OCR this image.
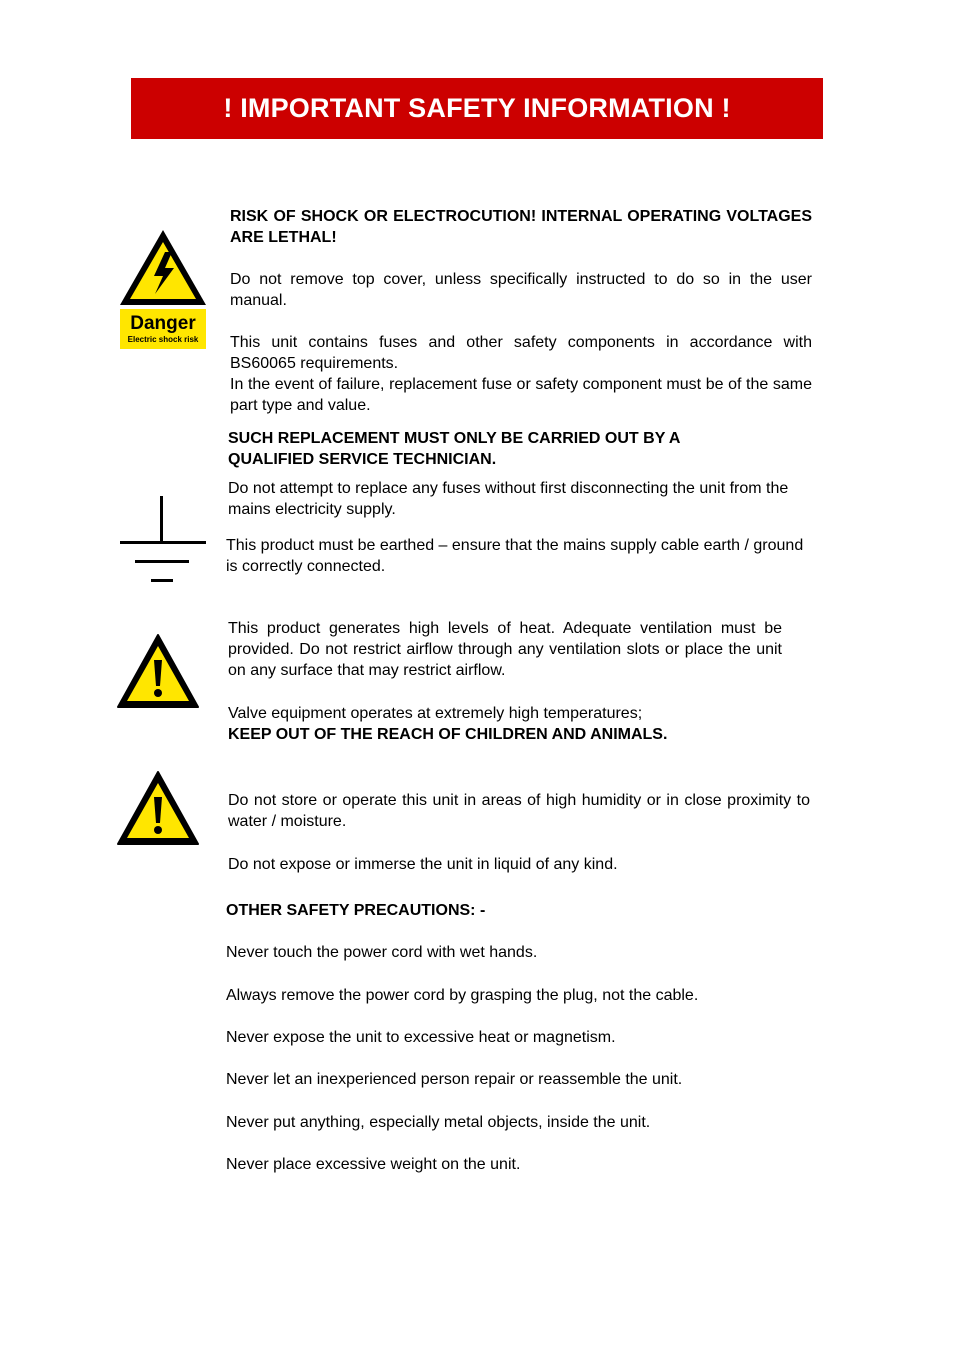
! IMPORTANT SAFETY INFORMATION !
Danger
Electric shock risk

RISK OF SHOCK OR ELECTROCUTION! INTERNAL OPERATING VOLTAGES ARE LETHAL!

Do not remove top cover, unless specifically instructed to do so in the user manual.

This unit contains fuses and other safety components in accordance with BS60065 requirements.

In the event of failure, replacement fuse or safety component must be of the same part type and value.

SUCH REPLACEMENT MUST ONLY BE CARRIED OUT BY A QUALIFIED SERVICE TECHNICIAN.

Do not attempt to replace any fuses without first disconnecting the unit from the mains electricity supply.

This product must be earthed – ensure that the mains supply cable earth / ground is correctly connected.

This product generates high levels of heat. Adequate ventilation must be provided. Do not restrict airflow through any ventilation slots or place the unit on any surface that may restrict airflow.

Valve equipment operates at extremely high temperatures;

KEEP OUT OF THE REACH OF CHILDREN AND ANIMALS.

Do not store or operate this unit in areas of high humidity or in close proximity to water / moisture.

Do not expose or immerse the unit in liquid of any kind.

OTHER SAFETY PRECAUTIONS: -

Never touch the power cord with wet hands.

Always remove the power cord by grasping the plug, not the cable.

Never expose the unit to excessive heat or magnetism.

Never let an inexperienced person repair or reassemble the unit.

Never put anything, especially metal objects, inside the unit.

Never place excessive weight on the unit.
